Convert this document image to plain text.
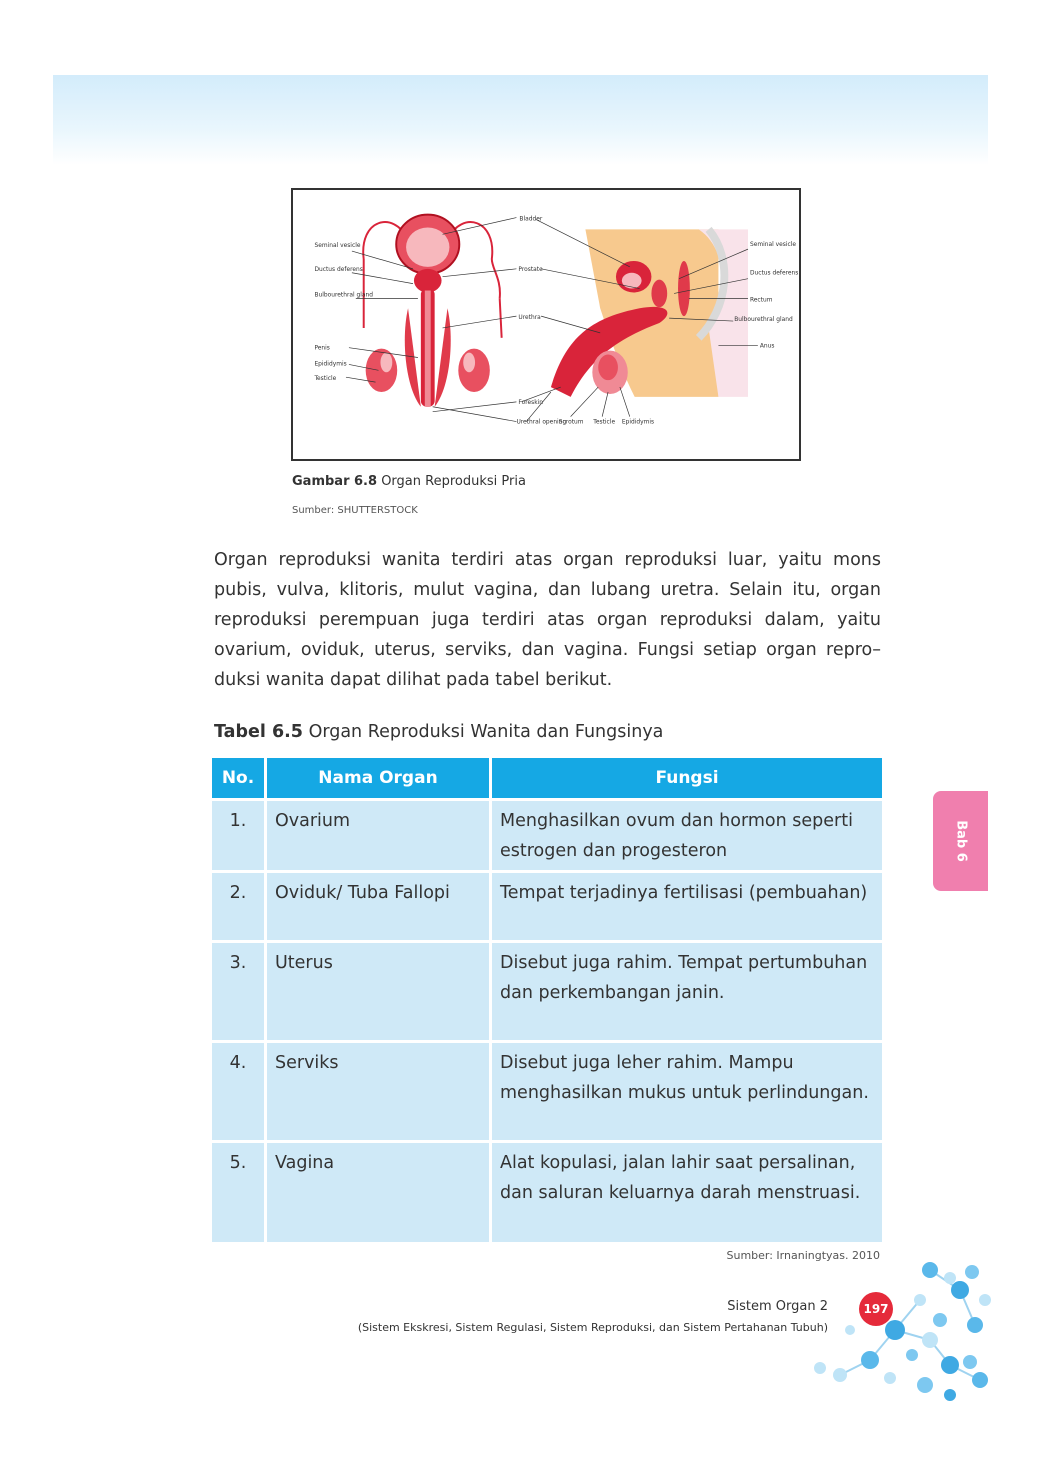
Bladder
Prostate
Urethra
Seminal vesicle
Ductus deferens
Bulbourethral gland
Penis
Epididymis
Testicle
Seminal vesicle
Ductus deferens
Rectum
Bulbourethral gland
Anus
Foreskin
Urethral opening
Scrotum Testicle Epididymis
Gambar 6.8 Organ Reproduksi Pria
Sumber: SHUTTERSTOCK

Organ reproduksi wanita terdiri atas organ reproduksi luar, yaitu mons pubis, vulva, klitoris, mulut vagina, dan lubang uretra. Selain itu, organ reproduksi perempuan juga terdiri atas organ reproduksi dalam, yaitu ovarium, oviduk, uterus, serviks, dan vagina. Fungsi setiap organ repro–duksi wanita dapat dilihat pada tabel berikut.

Tabel 6.5 Organ Reproduksi Wanita dan Fungsinya
No.	Nama Organ	Fungsi
1.	Ovarium	Menghasilkan ovum dan hormon seperti estrogen dan progesteron
2.	Oviduk/ Tuba Fallopi	Tempat terjadinya fertilisasi (pembuahan)
3.	Uterus	Disebut juga rahim. Tempat pertumbuhan dan perkembangan janin.
4.	Serviks	Disebut juga leher rahim. Mampu menghasilkan mukus untuk perlindungan.
5.	Vagina	Alat kopulasi, jalan lahir saat persalinan, dan saluran keluarnya darah menstruasi.
Sumber: Irnaningtyas. 2010
Bab 6
Sistem Organ 2
(Sistem Ekskresi, Sistem Regulasi, Sistem Reproduksi, dan Sistem Pertahanan Tubuh)
197
